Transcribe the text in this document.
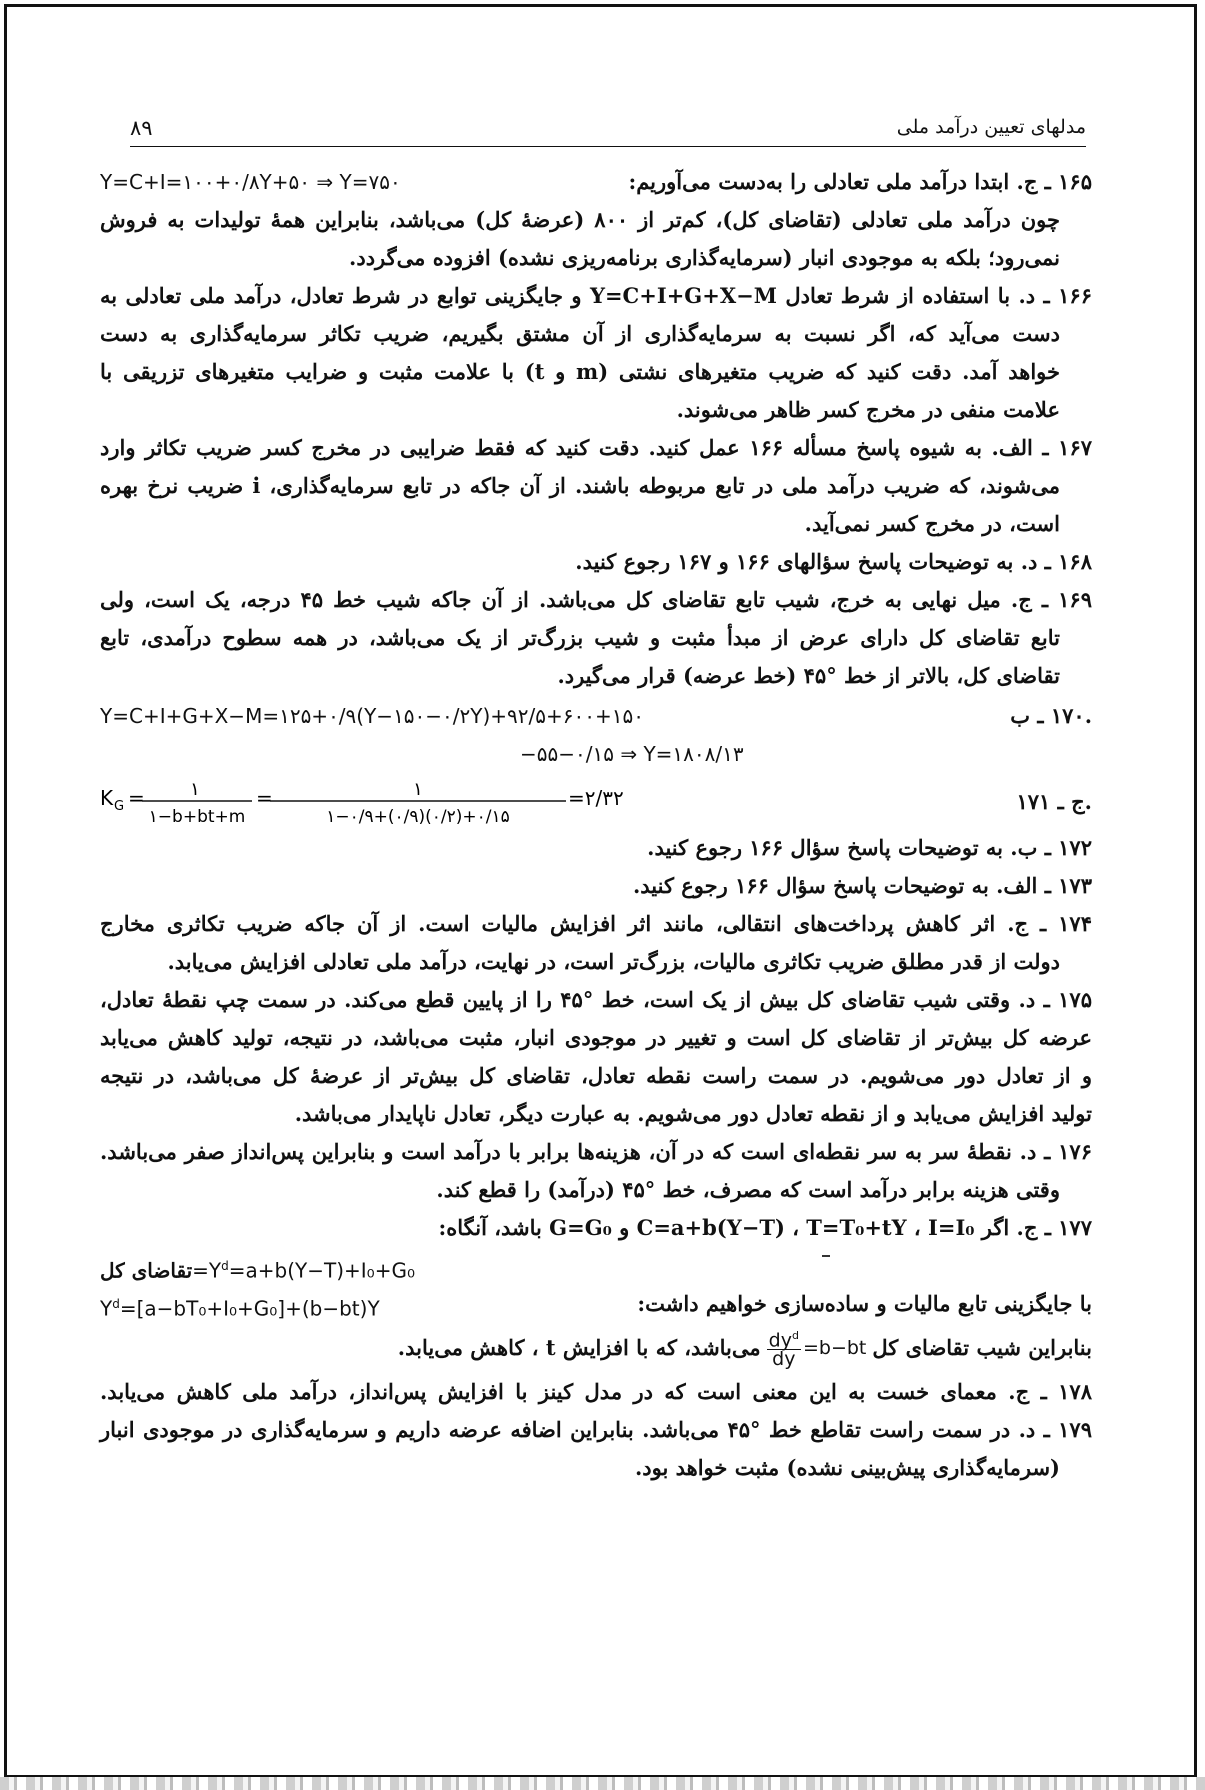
۸۹	مدلهای تعیین درآمد ملی
Y=C+I=۱۰۰+۰/۸Y+۵۰ ⇒ Y=۷۵۰	۱۶۵ ـ ج. ابتدا درآمد ملی تعادلی را به‌دست می‌آوریم:
چون درآمد ملی تعادلی (تقاضای کل)، کم‌تر از ۸۰۰ (عرضهٔ کل) می‌باشد، بنابراین همهٔ تولیدات به فروش
نمی‌رود؛ بلکه به موجودی انبار (سرمایه‌گذاری برنامه‌ریزی نشده) افزوده می‌گردد.
۱۶۶ ـ د. با استفاده از شرط تعادل Y=C+I+G+X−M و جایگزینی توابع در شرط تعادل، درآمد ملی تعادلی به
دست می‌آید که، اگر نسبت به سرمایه‌گذاری از آن مشتق بگیریم، ضریب تکاثر سرمایه‌گذاری به دست
خواهد آمد. دقت کنید که ضریب متغیرهای نشتی (m و t) با علامت مثبت و ضرایب متغیرهای تزریقی با
علامت منفی در مخرج کسر ظاهر می‌شوند.
۱۶۷ ـ الف. به شیوه پاسخ مسأله ۱۶۶ عمل کنید. دقت کنید که فقط ضرایبی در مخرج کسر ضریب تکاثر وارد
می‌شوند، که ضریب درآمد ملی در تابع مربوطه باشند. از آن جاکه در تابع سرمایه‌گذاری، i ضریب نرخ بهره
است، در مخرج کسر نمی‌آید.
۱۶۸ ـ د. به توضیحات پاسخ سؤالهای ۱۶۶ و ۱۶۷ رجوع کنید.
۱۶۹ ـ ج. میل نهایی به خرج، شیب تابع تقاضای کل می‌باشد. از آن جاکه شیب خط ۴۵ درجه، یک است، ولی
تابع تقاضای کل دارای عرض از مبدأ مثبت و شیب بزرگ‌تر از یک می‌باشد، در همه سطوح درآمدی، تابع
تقاضای کل، بالاتر از خط °۴۵ (خط عرضه) قرار می‌گیرد.
Y=C+I+G+X−M=۱۲۵+۰/۹(Y−۱۵۰−۰/۲Y)+۹۲/۵+۶۰۰+۱۵۰	.۱۷۰ ـ ب
−۵۵−۰/۱۵ ⇒ Y=۱۸۰۸/۱۳
K G =	۱
۱−b+bt+m
=	۱
۱−۰/۹+(۰/۹)(۰/۲)+۰/۱۵
=۲/۳۲	.ج ـ ۱۷۱
۱۷۲ ـ ب. به توضیحات پاسخ سؤال ۱۶۶ رجوع کنید.
۱۷۳ ـ الف. به توضیحات پاسخ سؤال ۱۶۶ رجوع کنید.
۱۷۴ ـ ج. اثر کاهش پرداخت‌های انتقالی، مانند اثر افزایش مالیات است. از آن جاکه ضریب تکاثری مخارج
دولت از قدر مطلق ضریب تکاثری مالیات، بزرگ‌تر است، در نهایت، درآمد ملی تعادلی افزایش می‌یابد.
۱۷۵ ـ د. وقتی شیب تقاضای کل بیش از یک است، خط °۴۵ را از پایین قطع می‌کند. در سمت چپ نقطهٔ تعادل،
عرضه کل بیش‌تر از تقاضای کل است و تغییر در موجودی انبار، مثبت می‌باشد، در نتیجه، تولید کاهش می‌یابد
و از تعادل دور می‌شویم. در سمت راست نقطه تعادل، تقاضای کل بیش‌تر از عرضهٔ کل می‌باشد، در نتیجه
تولید افزایش می‌یابد و از نقطه تعادل دور می‌شویم. به عبارت دیگر، تعادل ناپایدار می‌باشد.
۱۷۶ ـ د. نقطهٔ سر به سر نقطه‌ای است که در آن، هزینه‌ها برابر با درآمد است و بنابراین پس‌انداز صفر می‌باشد.
وقتی هزینه برابر درآمد است که مصرف، خط °۴۵ (درآمد) را قطع کند.
۱۷۷ ـ ج. اگر C=a+b(Y−T) ، T=T₀+tY ، I=I₀ و G=G₀ باشد، آنگاه:
تقاضای $کل=Y^d=a+b(Y-T)+I_0+G_0$
$Y^d=[a-bT_0+I_0+G_0]+(b-bt)Y$	با جایگزینی تابع مالیات و ساده‌سازی خواهیم داشت:
بنابراین شیب تقاضای کل
$dy^d$
dy
=b−bt
می‌باشد، که با افزایش t ، کاهش می‌یابد.
۱۷۸ ـ ج. معمای خست به این معنی است که در مدل کینز با افزایش پس‌انداز، درآمد ملی کاهش می‌یابد.
۱۷۹ ـ د. در سمت راست تقاطع خط °۴۵ می‌باشد. بنابراین اضافه عرضه داریم و سرمایه‌گذاری در موجودی انبار
(سرمایه‌گذاری پیش‌بینی نشده) مثبت خواهد بود.
